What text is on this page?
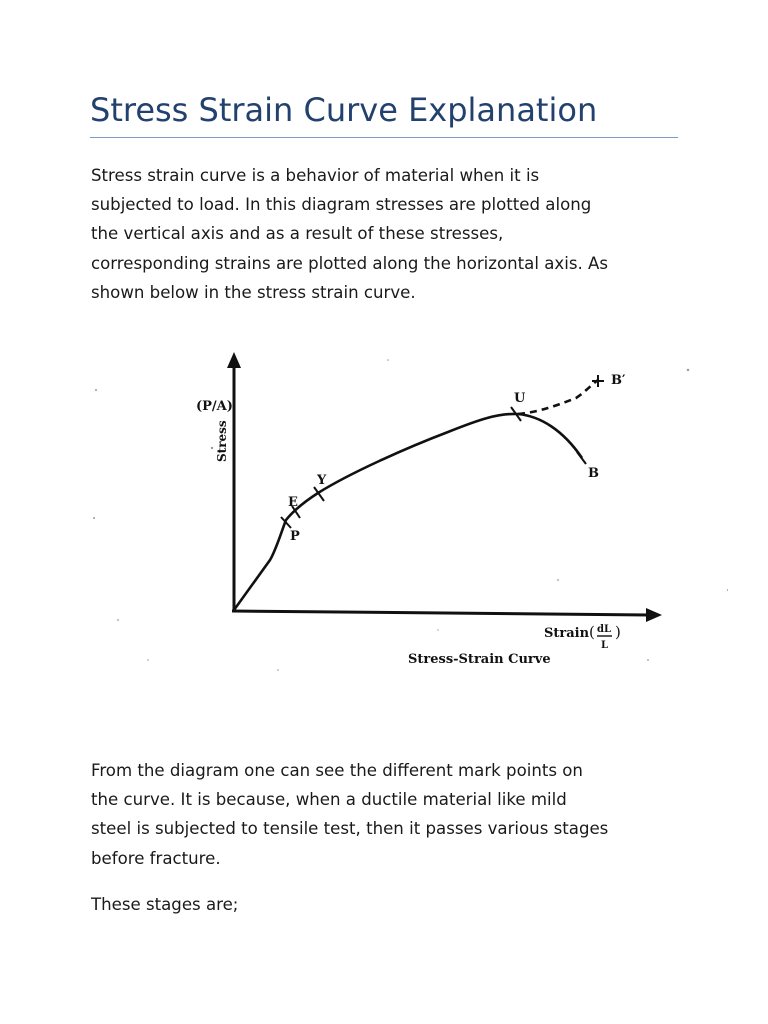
Stress Strain Curve Explanation

Stress strain curve is a behavior of material when it is
subjected to load. In this diagram stresses are plotted along
the vertical axis and as a result of these stresses,
corresponding strains are plotted along the horizontal axis. As
shown below in the stress strain curve.

P
E
Y
U
B
B′
(P/A)
Stress
Strain ( dL
L
)
Stress-Strain Curve

From the diagram one can see the different mark points on
the curve. It is because, when a ductile material like mild
steel is subjected to tensile test, then it passes various stages
before fracture.

These stages are;
